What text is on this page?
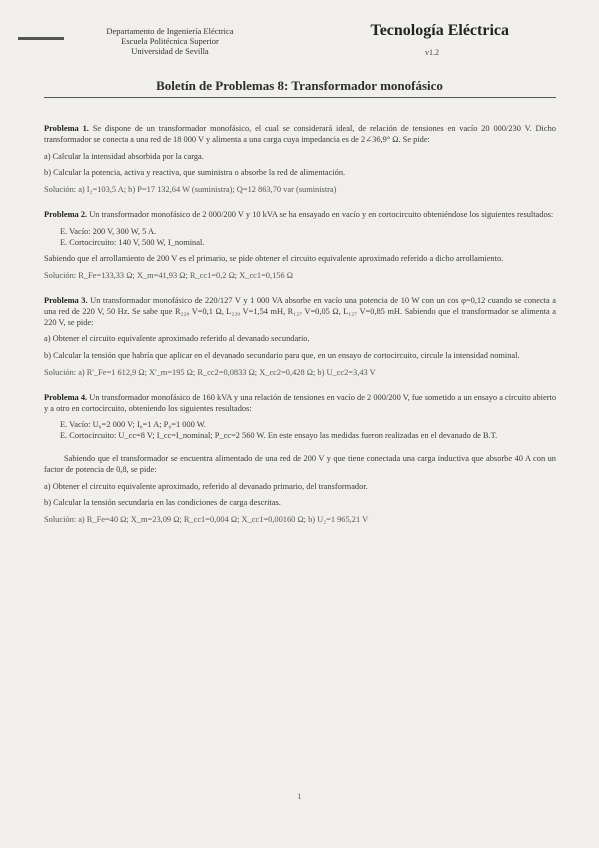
Departamento de Ingeniería Eléctrica
Escuela Politécnica Superior
Universidad de Sevilla
Tecnología Eléctrica
v1.2
Boletín de Problemas 8: Transformador monofásico
Problema 1. Se dispone de un transformador monofásico, el cual se considerará ideal, de relación de tensiones en vacío 20 000/230 V. Dicho transformador se conecta a una red de 18 000 V y alimenta a una carga cuya impedancia es de 2∠36,9° Ω. Se pide:
a) Calcular la intensidad absorbida por la carga.
b) Calcular la potencia, activa y reactiva, que suministra o absorbe la red de alimentación.
Solución: a) I₂=103,5 A; b) P=17 132,64 W (suministra); Q=12 863,70 var (suministra)
Problema 2. Un transformador monofásico de 2 000/200 V y 10 kVA se ha ensayado en vacío y en cortocircuito obteniéndose los siguientes resultados:
E. Vacío: 200 V, 300 W, 5 A.
E. Cortocircuito: 140 V, 500 W, I_nominal.
Sabiendo que el arrollamiento de 200 V es el primario, se pide obtener el circuito equivalente aproximado referido a dicho arrollamiento.
Solución: R_Fe=133,33 Ω; X_m=41,93 Ω; R_cc1=0,2 Ω; X_cc1=0,156 Ω
Problema 3. Un transformador monofásico de 220/127 V y 1 000 VA absorbe en vacío una potencia de 10 W con un cos φ=0,12 cuando se conecta a una red de 220 V, 50 Hz. Se sabe que R₂₂₀ V=0,1 Ω, L₂₂₀ V=1,54 mH, R₁₂₇ V=0,05 Ω, L₁₂₇ V=0,85 mH. Sabiendo que el transformador se alimenta a 220 V, se pide:
a) Obtener el circuito equivalente aproximado referido al devanado secundario.
b) Calcular la tensión que habría que aplicar en el devanado secundario para que, en un ensayo de cortocircuito, circule la intensidad nominal.
Solución: a) R'_Fe=1 612,9 Ω; X'_m=195 Ω; R_cc2=0,0833 Ω; X_cc2=0,428 Ω; b) U_cc2=3,43 V
Problema 4. Un transformador monofásico de 160 kVA y una relación de tensiones en vacío de 2 000/200 V, fue sometido a un ensayo a circuito abierto y a otro en cortocircuito, obteniendo los siguientes resultados:
E. Vacío: U₀=2 000 V; I₀=1 A; P₀=1 000 W.
E. Cortocircuito: U_cc=8 V; I_cc=I_nominal; P_cc=2 560 W. En este ensayo las medidas fueron realizadas en el devanado de B.T.
Sabiendo que el transformador se encuentra alimentado de una red de 200 V y que tiene conectada una carga inductiva que absorbe 40 A con un factor de potencia de 0,8, se pide:
a) Obtener el circuito equivalente aproximado, referido al devanado primario, del transformador.
b) Calcular la tensión secundaria en las condiciones de carga descritas.
Solución: a) R_Fe=40 Ω; X_m=23,09 Ω; R_cc1=0,004 Ω; X_cc1=0,00160 Ω; b) U₂=1 965,21 V
1
